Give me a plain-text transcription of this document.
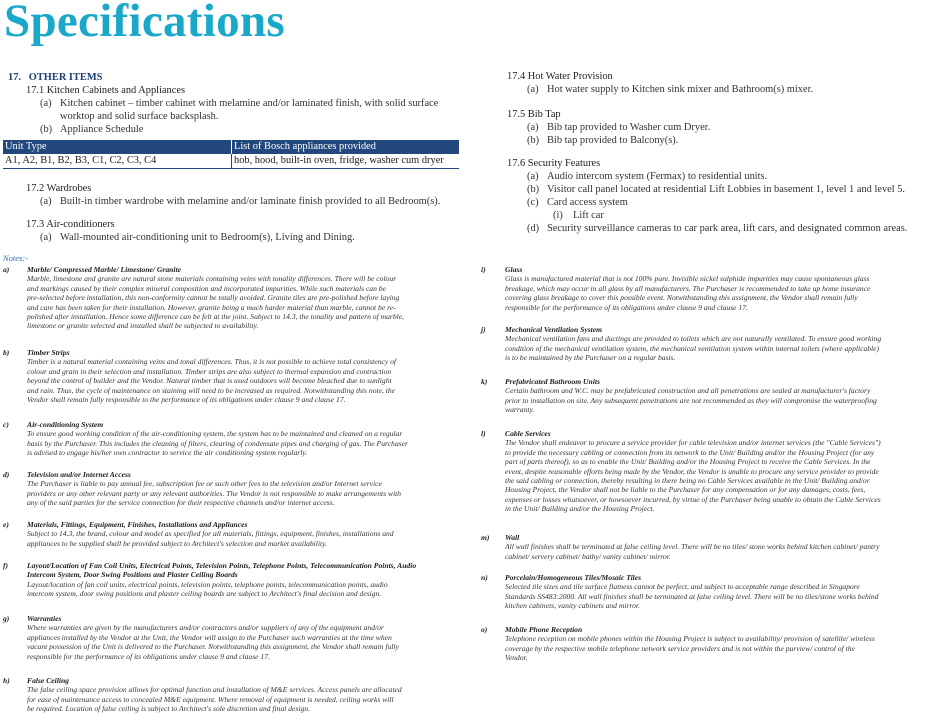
Specifications
17. OTHER ITEMS
17.1 Kitchen Cabinets and Appliances
(a) Kitchen cabinet – timber cabinet with melamine and/or laminated finish, with solid surface
worktop and solid surface backsplash.
(b) Appliance Schedule
Unit Type	List of Bosch appliances provided
A1, A2, B1, B2, B3, C1, C2, C3, C4	hob, hood, built-in oven, fridge, washer cum dryer
17.2 Wardrobes
(a) Built-in timber wardrobe with melamine and/or laminate finish provided to all Bedroom(s).
17.3 Air-conditioners
(a) Wall-mounted air-conditioning unit to Bedroom(s), Living and Dining.
17.4 Hot Water Provision
(a) Hot water supply to Kitchen sink mixer and Bathroom(s) mixer.
17.5 Bib Tap
(a) Bib tap provided to Washer cum Dryer.
(b) Bib tap provided to Balcony(s).
17.6 Security Features
(a) Audio intercom system (Fermax) to residential units.
(b) Visitor call panel located at residential Lift Lobbies in basement 1, level 1 and level 5.
(c) Card access system
(i) Lift car
(d) Security surveillance cameras to car park area, lift cars, and designated common areas.
Notes:-
a) Marble/ Compressed Marble/ Limestone/ Granite
Marble, limestone and granite are natural stone materials containing veins with tonality differences. There will be colour
and markings caused by their complex mineral composition and incorporated impurities. While such materials can be
pre-selected before installation, this non-conformity cannot be totally avoided. Granite tiles are pre-polished before laying
and care has been taken for their installation. However, granite being a much harder material than marble, cannot be re-
polished after installation. Hence some difference can be felt at the joint. Subject to 14.3, the tonality and pattern of marble,
limestone or granite selected and installed shall be subjected to availability.
b) Timber Strips
Timber is a natural material containing veins and tonal differences. Thus, it is not possible to achieve total consistency of
colour and grain in their selection and installation. Timber strips are also subject to thermal expansion and contraction
beyond the control of builder and the Vendor. Natural timber that is used outdoors will become bleached due to sunlight
and rain. Thus, the cycle of maintenance on staining will need to be increased as required. Notwithstanding this note, the
Vendor shall remain fully responsible to the performance of its obligations under clause 9 and clause 17.
c) Air-conditioning System
To ensure good working condition of the air-conditioning system, the system has to be maintained and cleaned on a regular
basis by the Purchaser. This includes the cleaning of filters, clearing of condensate pipes and charging of gas. The Purchaser
is advised to engage his/her own contractor to service the air conditioning system regularly.
d) Television and/or Internet Access
The Purchaser is liable to pay annual fee, subscription fee or such other fees to the television and/or Internet service
providers or any other relevant party or any relevant authorities. The Vendor is not responsible to make arrangements with
any of the said parties for the service connection for their respective channels and/or internet access.
e) Materials, Fittings, Equipment, Finishes, Installations and Appliances
Subject to 14.3, the brand, colour and model as specified for all materials, fittings, equipment, finishes, installations and
appliances to be supplied shall be provided subject to Architect's selection and market availability.
f) Layout/Location of Fan Coil Units, Electrical Points, Television Points, Telephone Points, Telecommunication Points, Audio
Intercom System, Door Swing Positions and Plaster Ceiling Boards
Layout/location of fan coil units, electrical points, television points, telephone points, telecommunication points, audio
intercom system, door swing positions and plaster ceiling boards are subject to Architect's final decision and design.
g) Warranties
Where warranties are given by the manufacturers and/or contractors and/or suppliers of any of the equipment and/or
appliances installed by the Vendor at the Unit, the Vendor will assign to the Purchaser such warranties at the time when
vacant possession of the Unit is delivered to the Purchaser. Notwithstanding this assignment, the Vendor shall remain fully
responsible for the performance of its obligations under clause 9 and clause 17.
h) False Ceiling
The false ceiling space provision allows for optimal function and installation of M&E services. Access panels are allocated
for ease of maintenance access to concealed M&E equipment. Where removal of equipment is needed, ceiling works will
be required. Location of false ceiling is subject to Architect's sole discretion and final design.
i)	Glass
Glass is manufactured material that is not 100% pure. Invisible nickel sulphide impurities may cause spontaneous glass
breakage, which may occur in all glass by all manufacturers. The Purchaser is recommended to take up home insurance
covering glass breakage to cover this possible event. Notwithstanding this assignment, the Vendor shall remain fully
responsible for the performance of its obligations under clause 9 and clause 17.
j)	Mechanical Ventilation System
Mechanical ventilation fans and ductings are provided to toilets which are not naturally ventilated. To ensure good working
condition of the mechanical ventilation system, the mechanical ventilation system within internal toilets (where applicable)
is to be maintained by the Purchaser on a regular basis.
k) Prefabricated Bathroom Units
Certain bathroom and W.C. may be prefabricated construction and all penetrations are sealed at manufacturer's factory
prior to installation on site. Any subsequent penetrations are not recommended as they will compromise the waterproofing
warranty.
l)	Cable Services
The Vendor shall endeavor to procure a service provider for cable television and/or internet services (the "Cable Services")
to provide the necessary cabling or connection from its network to the Unit/ Building and/or the Housing Project (for any
part of parts thereof), so as to enable the Unit/ Building and/or the Housing Project to receive the Cable Services. In the
event, despite reasonable efforts being made by the Vendor, the Vendor is unable to procure any service provider to provide
the said cabling or connection, thereby resulting in there being no Cable Services available in the Unit/ Building and/or
Housing Project, the Vendor shall not be liable to the Purchaser for any compensation or for any damages, costs, fees,
expenses or losses whatsoever, or howsoever incurred, by virtue of the Purchaser being unable to obtain the Cable Services
in the Unit/ Building and/or the Housing Project.
m) Wall
All wall finishes shall be terminated at false ceiling level. There will be no tiles/ stone works behind kitchen cabinet/ pantry
cabinet/ servery cabinet/ bathy/ vanity cabinet/ mirror.
n) Porcelain/Homogeneous Tiles/Mosaic Tiles
Selected tile sizes and tile surface flatness cannot be perfect, and subject to acceptable range described in Singapore
Standards SS483:2000. All wall finishes shall be terminated at false ceiling level. There will be no tiles/stone works behind
kitchen cabinets, vanity cabinets and mirror.
o) Mobile Phone Reception
Telephone reception on mobile phones within the Housing Project is subject to availability/ provision of satellite/ wireless
coverage by the respective mobile telephone network service providers and is not within the purview/ control of the
Vendor.
